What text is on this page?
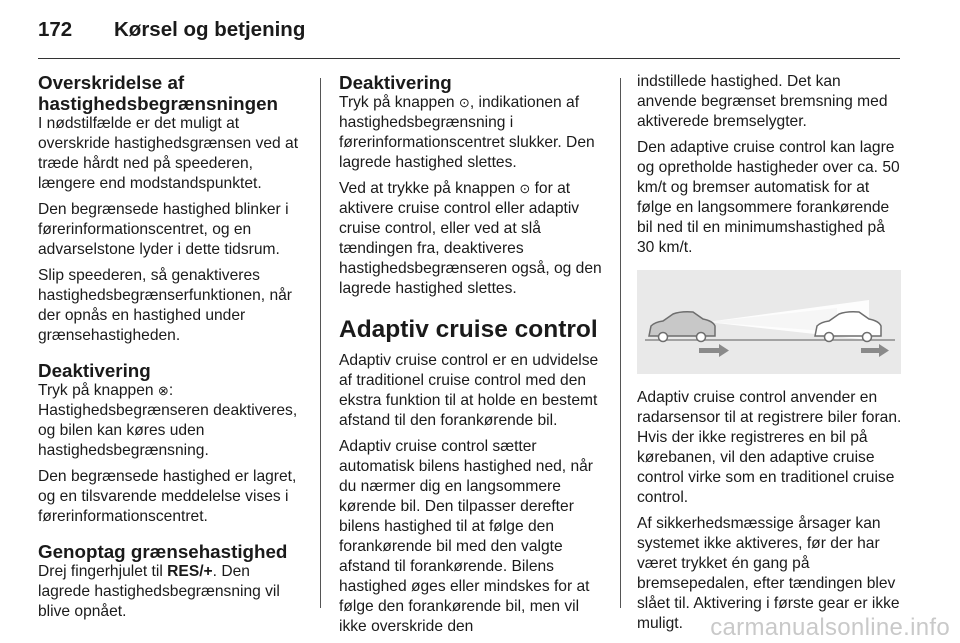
172 Kørsel og betjening
Overskridelse af hastighedsbegrænsningen

I nødstilfælde er det muligt at overskride hastighedsgrænsen ved at træde hårdt ned på speederen, længere end modstandspunktet.

Den begrænsede hastighed blinker i førerinformationscentret, og en advarselstone lyder i dette tidsrum.

Slip speederen, så genaktiveres hastighedsbegrænserfunktionen, når der opnås en hastighed under grænsehastigheden.

Deaktivering

Tryk på knappen ⊗: Hastighedsbegrænseren deaktiveres, og bilen kan køres uden hastighedsbegrænsning.

Den begrænsede hastighed er lagret, og en tilsvarende meddelelse vises i førerinformationscentret.

Genoptag grænsehastighed

Drej fingerhjulet til RES/+. Den lagrede hastighedsbegrænsning vil blive opnået.

Deaktivering

Tryk på knappen ⊙, indikationen af hastighedsbegrænsning i førerinformationscentret slukker. Den lagrede hastighed slettes.

Ved at trykke på knappen ⊙ for at aktivere cruise control eller adaptiv cruise control, eller ved at slå tændingen fra, deaktiveres hastighedsbegrænseren også, og den lagrede hastighed slettes.

Adaptiv cruise control

Adaptiv cruise control er en udvidelse af traditionel cruise control med den ekstra funktion til at holde en bestemt afstand til den forankørende bil.

Adaptiv cruise control sætter automatisk bilens hastighed ned, når du nærmer dig en langsommere kørende bil. Den tilpasser derefter bilens hastighed til at følge den forankørende bil med den valgte afstand til forankørende. Bilens hastighed øges eller mindskes for at følge den forankørende bil, men vil ikke overskride den

indstillede hastighed. Det kan anvende begrænset bremsning med aktiverede bremselygter.

Den adaptive cruise control kan lagre og opretholde hastigheder over ca. 50 km/t og bremser automatisk for at følge en langsommere forankørende bil ned til en minimumshastighed på 30 km/t.

Adaptiv cruise control anvender en radarsensor til at registrere biler foran. Hvis der ikke registreres en bil på kørebanen, vil den adaptive cruise control virke som en traditionel cruise control.

Af sikkerhedsmæssige årsager kan systemet ikke aktiveres, før der har været trykket én gang på bremsepedalen, efter tændingen blev slået til. Aktivering i første gear er ikke muligt.	carmanualsonline.info
